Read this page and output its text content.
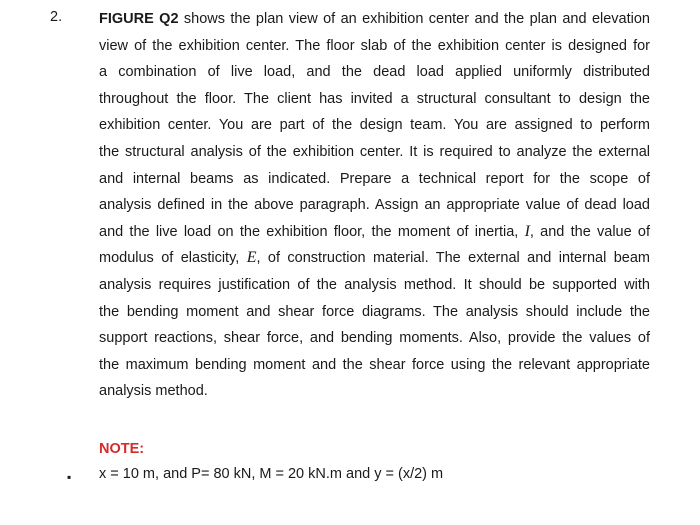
2.	FIGURE Q2 shows the plan view of an exhibition center and the plan and elevation
view of the exhibition center. The floor slab of the exhibition center is designed for
a combination of live load, and the dead load applied uniformly distributed
throughout the floor. The client has invited a structural consultant to design the
exhibition center. You are part of the design team. You are assigned to perform
the structural analysis of the exhibition center. It is required to analyze the external
and internal beams as indicated. Prepare a technical report for the scope of
analysis defined in the above paragraph. Assign an appropriate value of dead load
and the live load on the exhibition floor, the moment of inertia, I, and the value of
modulus of elasticity, E, of construction material. The external and internal beam
analysis requires justification of the analysis method. It should be supported with
the bending moment and shear force diagrams. The analysis should include the
support reactions, shear force, and bending moments. Also, provide the values of
the maximum bending moment and the shear force using the relevant appropriate
analysis method.
NOTE:
▪ x = 10 m, and P= 80 kN, M = 20 kN.m and y = (x/2) m
